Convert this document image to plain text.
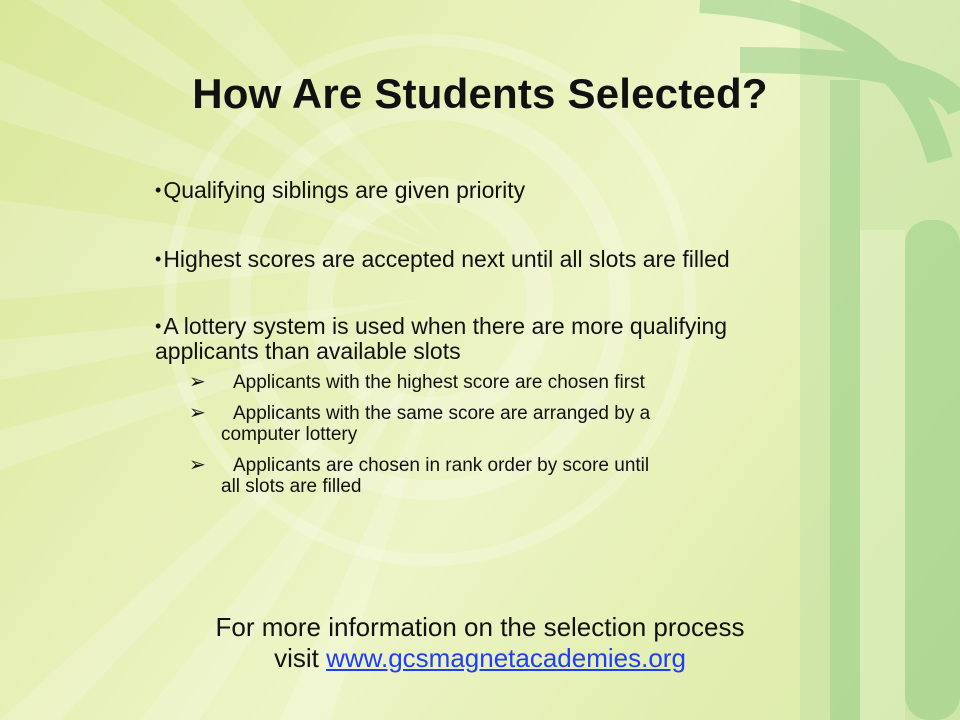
How Are Students Selected?
•Qualifying siblings are given priority
•Highest scores are accepted next until all slots are filled
•A lottery system is used when there are more qualifying applicants than available slots
➢ Applicants with the highest score are chosen first
➢ Applicants with the same score are arranged by a
computer lottery
➢ Applicants are chosen in rank order by score until
all slots are filled
For more information on the selection process
visit www.gcsmagnetacademies.org
